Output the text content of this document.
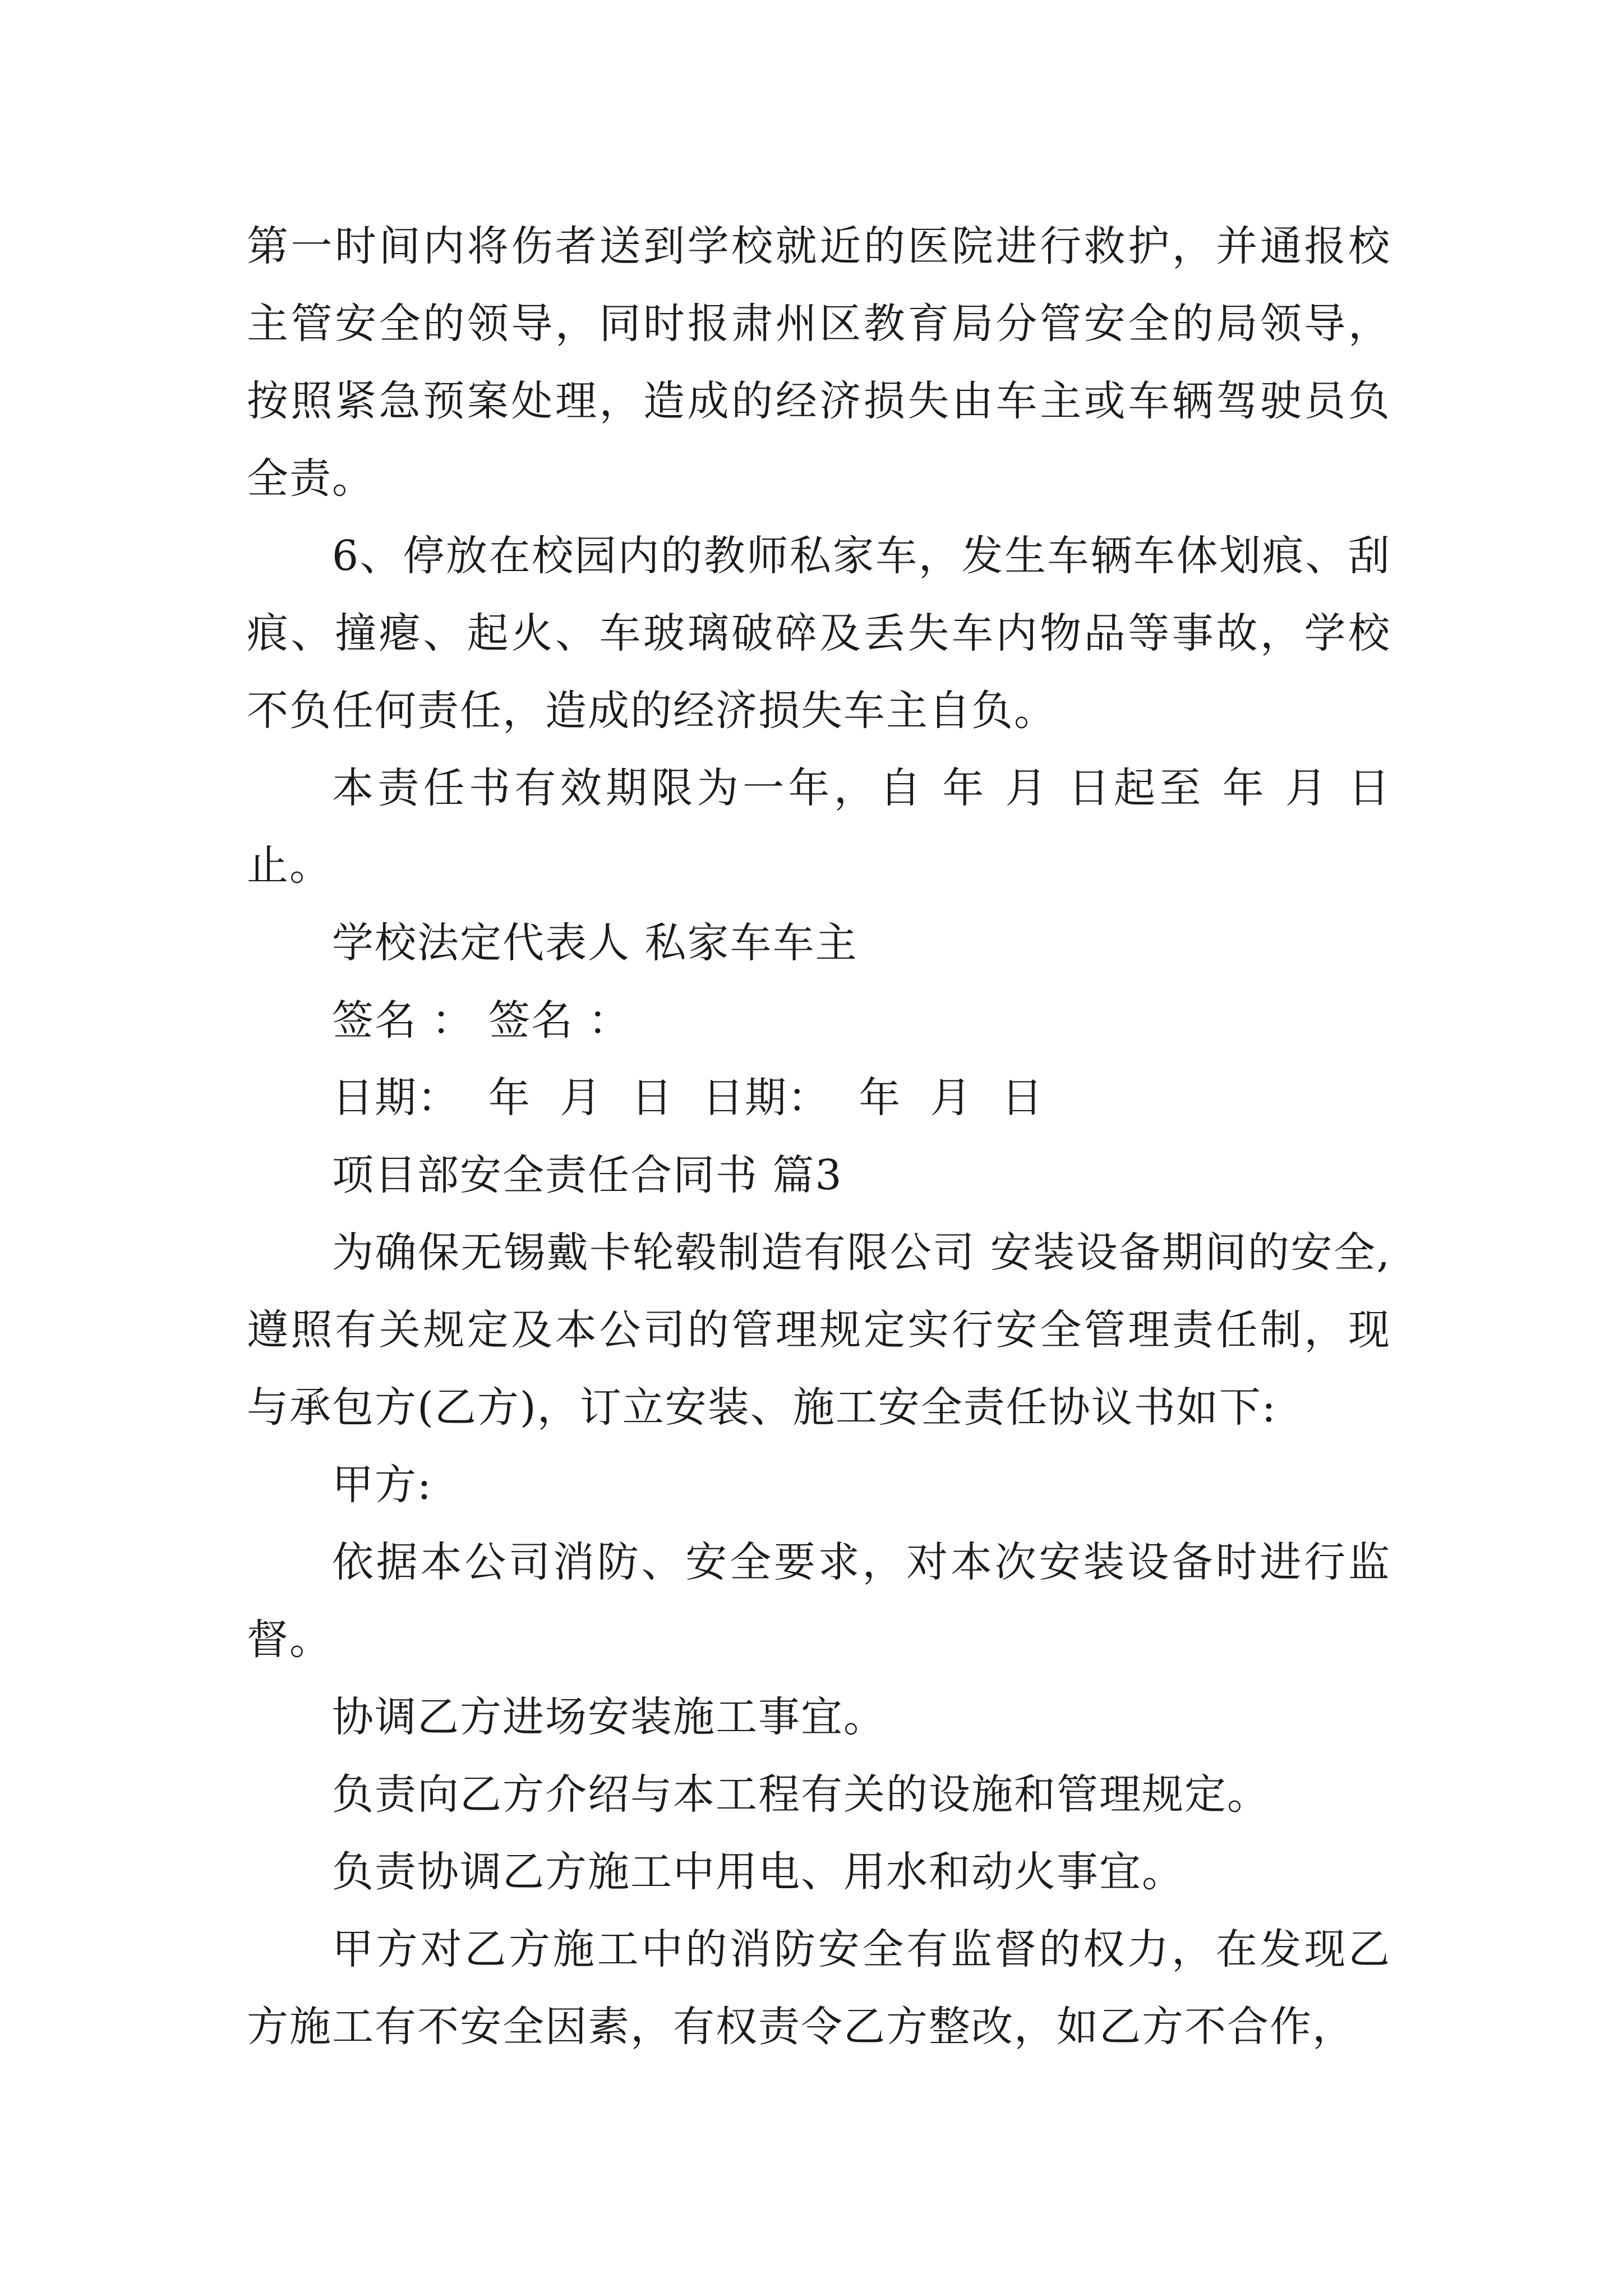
第一时间内将伤者送到学校就近的医院进行救护，并通报校主管安全的领导，同时报肃州区教育局分管安全的局领导，按照紧急预案处理，造成的经济损失由车主或车辆驾驶员负全责。

6、停放在校园内的教师私家车，发生车辆车体划痕、刮痕、撞瘪、起火、车玻璃破碎及丢失车内物品等事故，学校不负任何责任，造成的经济损失车主自负。

本责任书有效期限为一年，自 年 月 日起至 年 月 日止。

学校法定代表人 私家车车主

签名 ： 签名 ：

日期：  年  月  日  日期：  年  月  日

项目部安全责任合同书 篇3

为确保无锡戴卡轮毂制造有限公司 安装设备期间的安全,遵照有关规定及本公司的管理规定实行安全管理责任制，现与承包方(乙方)，订立安装、施工安全责任协议书如下:

甲方:

依据本公司消防、安全要求，对本次安装设备时进行监督。

协调乙方进场安装施工事宜。

负责向乙方介绍与本工程有关的设施和管理规定。

负责协调乙方施工中用电、用水和动火事宜。

甲方对乙方施工中的消防安全有监督的权力，在发现乙方施工有不安全因素，有权责令乙方整改，如乙方不合作，
